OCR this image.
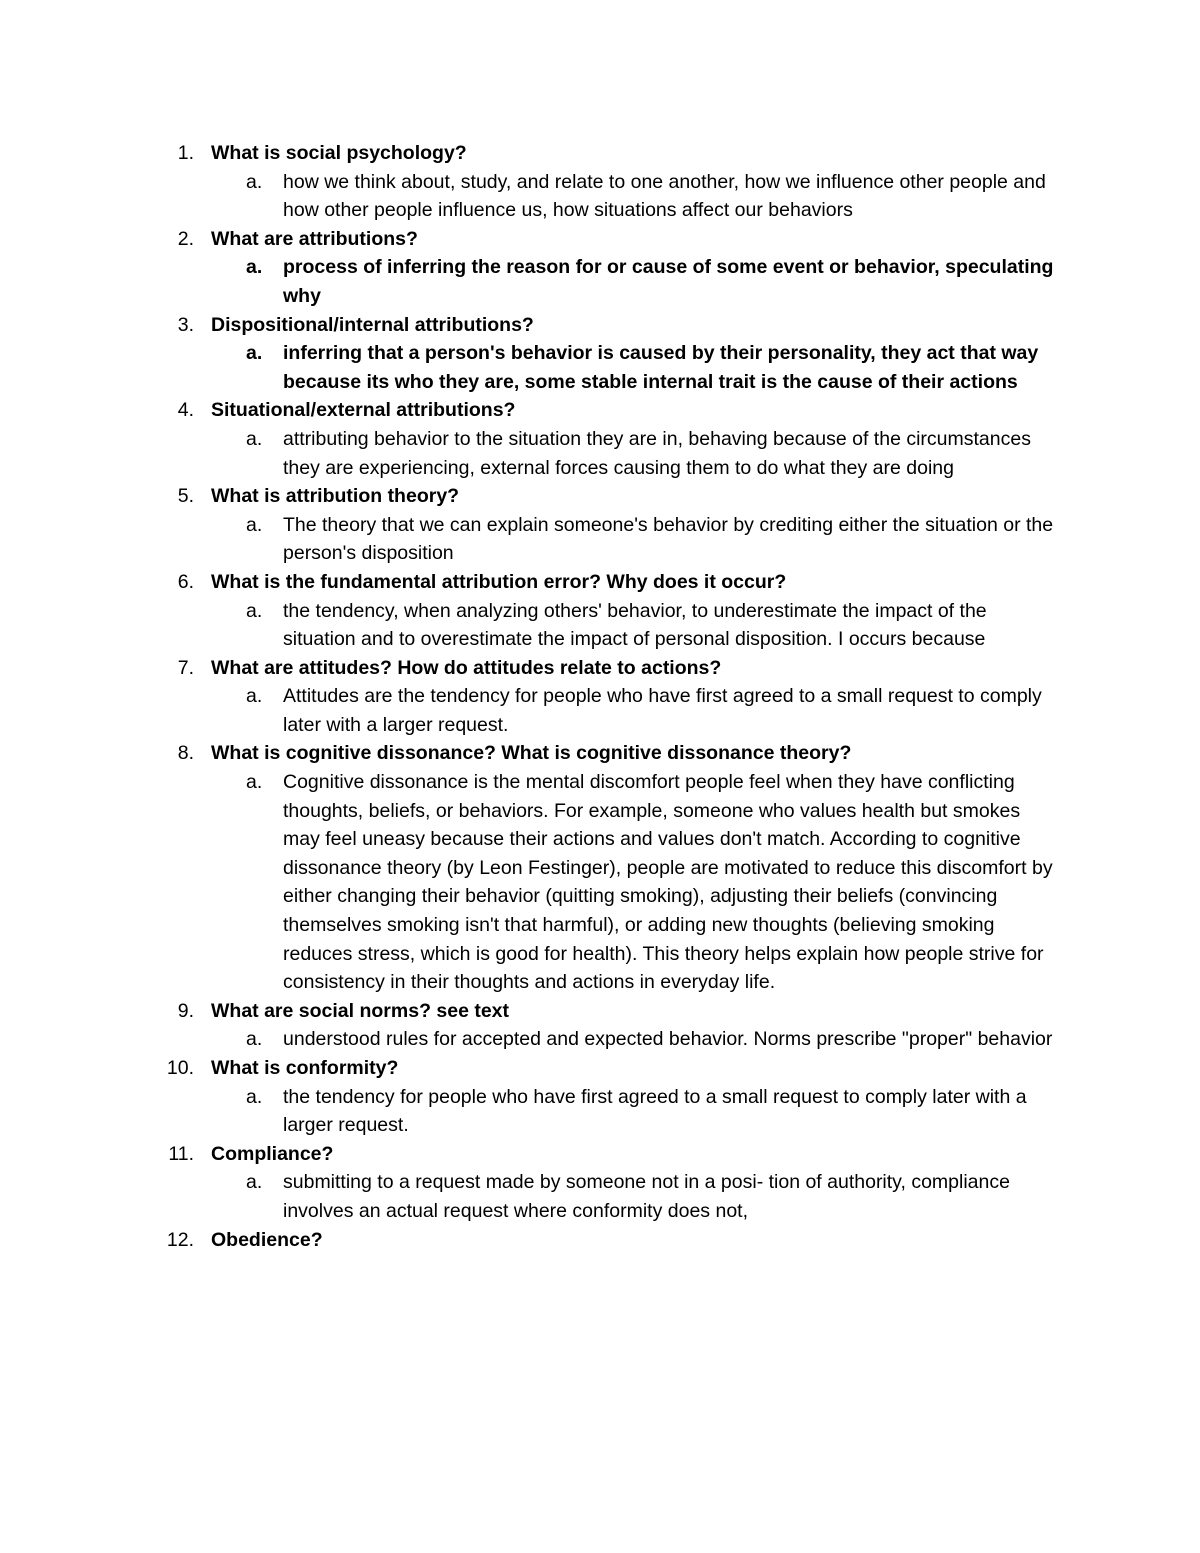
1. What is social psychology?
a. how we think about, study, and relate to one another, how we influence other people and how other people influence us, how situations affect our behaviors
2. What are attributions?
a. process of inferring the reason for or cause of some event or behavior, speculating why
3. Dispositional/internal attributions?
a. inferring that a person's behavior is caused by their personality, they act that way because its who they are, some stable internal trait is the cause of their actions
4. Situational/external attributions?
a. attributing behavior to the situation they are in, behaving because of the circumstances they are experiencing, external forces causing them to do what they are doing
5. What is attribution theory?
a. The theory that we can explain someone's behavior by crediting either the situation or the person's disposition
6. What is the fundamental attribution error? Why does it occur?
a. the tendency, when analyzing others' behavior, to underestimate the impact of the situation and to overestimate the impact of personal disposition. I occurs because
7. What are attitudes? How do attitudes relate to actions?
a. Attitudes are the tendency for people who have first agreed to a small request to comply later with a larger request.
8. What is cognitive dissonance? What is cognitive dissonance theory?
a. Cognitive dissonance is the mental discomfort people feel when they have conflicting thoughts, beliefs, or behaviors. For example, someone who values health but smokes may feel uneasy because their actions and values don't match. According to cognitive dissonance theory (by Leon Festinger), people are motivated to reduce this discomfort by either changing their behavior (quitting smoking), adjusting their beliefs (convincing themselves smoking isn't that harmful), or adding new thoughts (believing smoking reduces stress, which is good for health). This theory helps explain how people strive for consistency in their thoughts and actions in everyday life.
9. What are social norms? see text
a. understood rules for accepted and expected behavior. Norms prescribe "proper" behavior
10. What is conformity?
a. the tendency for people who have first agreed to a small request to comply later with a larger request.
11. Compliance?
a. submitting to a request made by someone not in a posi- tion of authority, compliance involves an actual request where conformity does not,
12. Obedience?
